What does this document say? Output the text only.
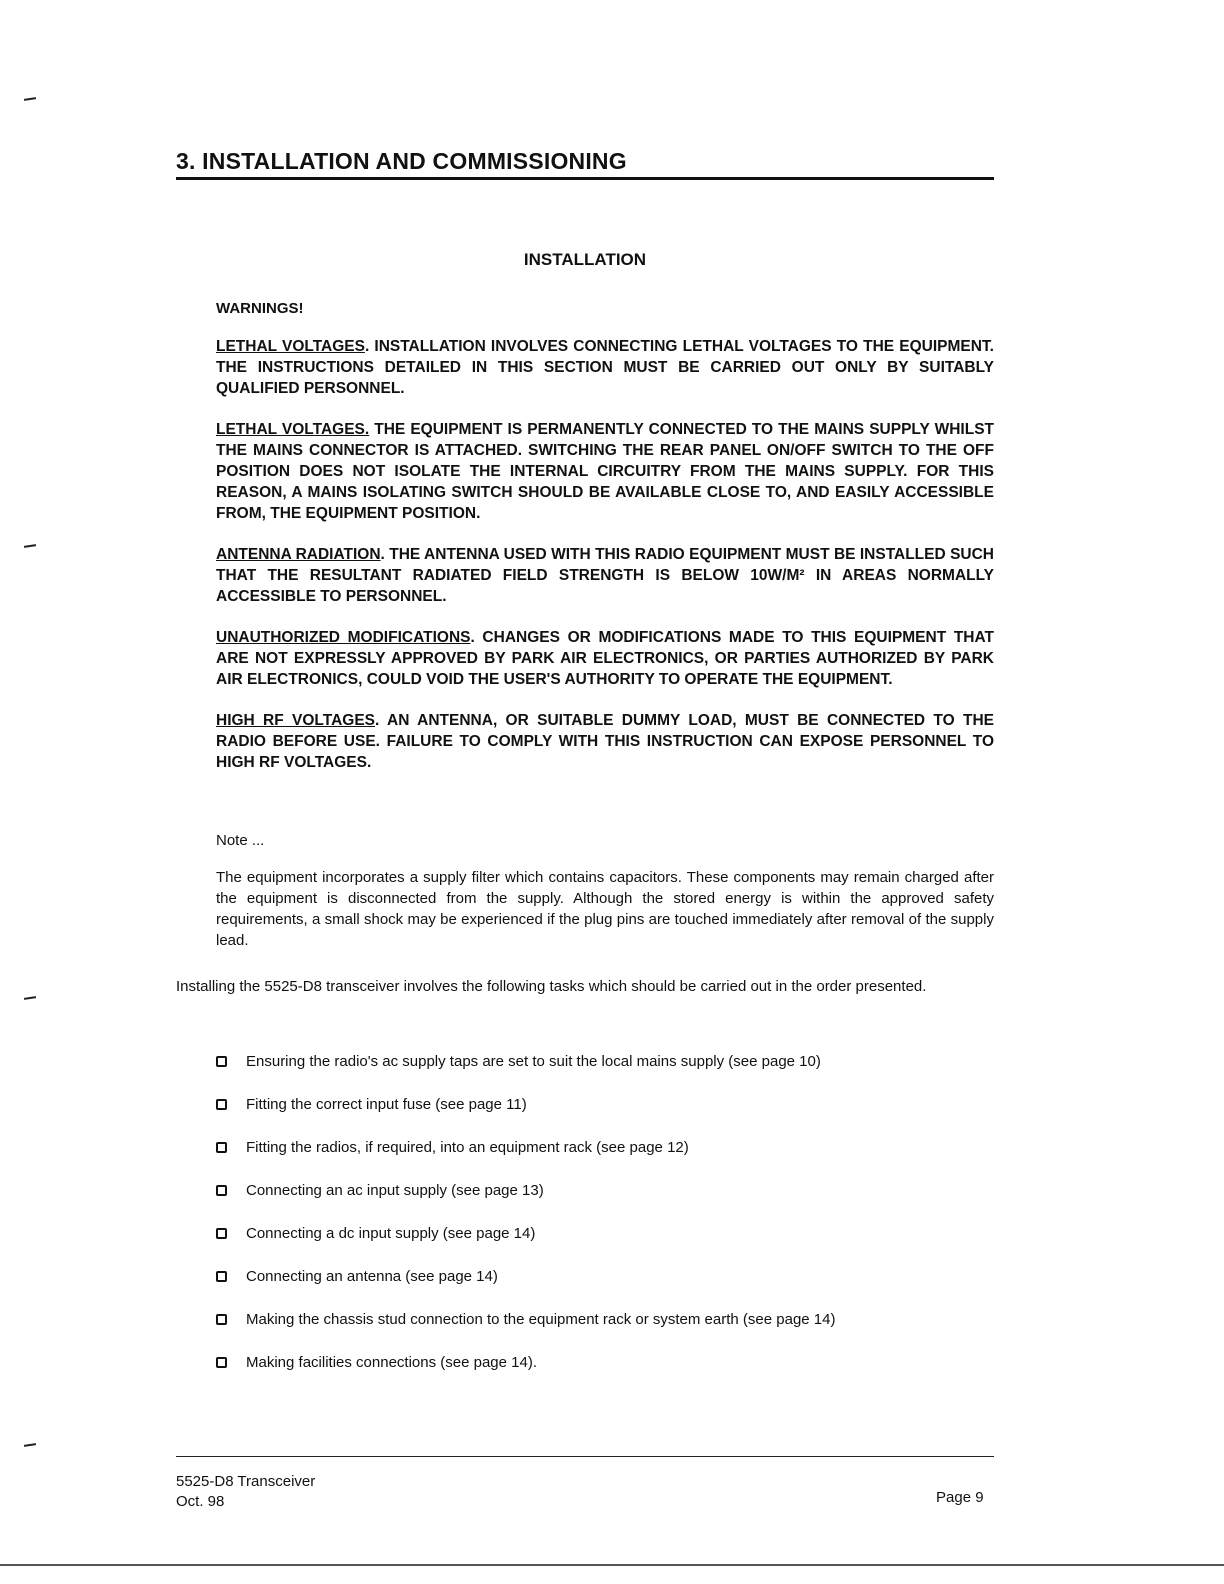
3. INSTALLATION AND COMMISSIONING
INSTALLATION
WARNINGS!

LETHAL VOLTAGES. INSTALLATION INVOLVES CONNECTING LETHAL VOLTAGES TO THE EQUIPMENT. THE INSTRUCTIONS DETAILED IN THIS SECTION MUST BE CARRIED OUT ONLY BY SUITABLY QUALIFIED PERSONNEL.

LETHAL VOLTAGES. THE EQUIPMENT IS PERMANENTLY CONNECTED TO THE MAINS SUPPLY WHILST THE MAINS CONNECTOR IS ATTACHED. SWITCHING THE REAR PANEL ON/OFF SWITCH TO THE OFF POSITION DOES NOT ISOLATE THE INTERNAL CIRCUITRY FROM THE MAINS SUPPLY. FOR THIS REASON, A MAINS ISOLATING SWITCH SHOULD BE AVAILABLE CLOSE TO, AND EASILY ACCESSIBLE FROM, THE EQUIPMENT POSITION.

ANTENNA RADIATION. THE ANTENNA USED WITH THIS RADIO EQUIPMENT MUST BE INSTALLED SUCH THAT THE RESULTANT RADIATED FIELD STRENGTH IS BELOW 10W/M² IN AREAS NORMALLY ACCESSIBLE TO PERSONNEL.

UNAUTHORIZED MODIFICATIONS. CHANGES OR MODIFICATIONS MADE TO THIS EQUIPMENT THAT ARE NOT EXPRESSLY APPROVED BY PARK AIR ELECTRONICS, OR PARTIES AUTHORIZED BY PARK AIR ELECTRONICS, COULD VOID THE USER'S AUTHORITY TO OPERATE THE EQUIPMENT.

HIGH RF VOLTAGES. AN ANTENNA, OR SUITABLE DUMMY LOAD, MUST BE CONNECTED TO THE RADIO BEFORE USE. FAILURE TO COMPLY WITH THIS INSTRUCTION CAN EXPOSE PERSONNEL TO HIGH RF VOLTAGES.

Note ...

The equipment incorporates a supply filter which contains capacitors. These components may remain charged after the equipment is disconnected from the supply. Although the stored energy is within the approved safety requirements, a small shock may be experienced if the plug pins are touched immediately after removal of the supply lead.

Installing the 5525-D8 transceiver involves the following tasks which should be carried out in the order presented.

Ensuring the radio's ac supply taps are set to suit the local mains supply (see page 10)
Fitting the correct input fuse (see page 11)
Fitting the radios, if required, into an equipment rack (see page 12)
Connecting an ac input supply (see page 13)
Connecting a dc input supply (see page 14)
Connecting an antenna (see page 14)
Making the chassis stud connection to the equipment rack or system earth (see page 14)
Making facilities connections (see page 14).
5525-D8 Transceiver
Oct. 98	Page 9
